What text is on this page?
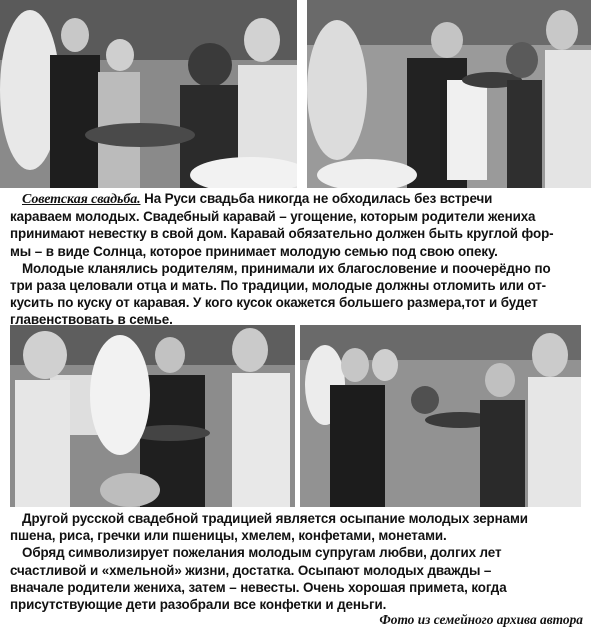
Советская свадьба. На Руси свадьба никогда не обходилась без встречи
караваем молодых. Свадебный каравай – угощение, которым родители жениха
принимают невестку в свой дом. Каравай обязательно должен быть круглой фор-
мы – в виде Солнца, которое принимает молодую семью под свою опеку.
Молодые кланялись родителям, принимали их благословение и поочерёдно по
три раза целовали отца и мать. По традиции, молодые должны отломить или от-
кусить по куску от каравая. У кого кусок окажется большего размера,тот и будет
главенствовать в семье.
Другой русской свадебной традицией является осыпание молодых зернами
пшена, риса, гречки или пшеницы, хмелем, конфетами, монетами.
Обряд символизирует пожелания молодым супругам любви, долгих лет
счастливой и «хмельной» жизни, достатка. Осыпают молодых дважды –
вначале родители жениха, затем – невесты. Очень хорошая примета, когда
присутствующие дети разобрали все конфетки и деньги.
Фото из семейного архива автора
